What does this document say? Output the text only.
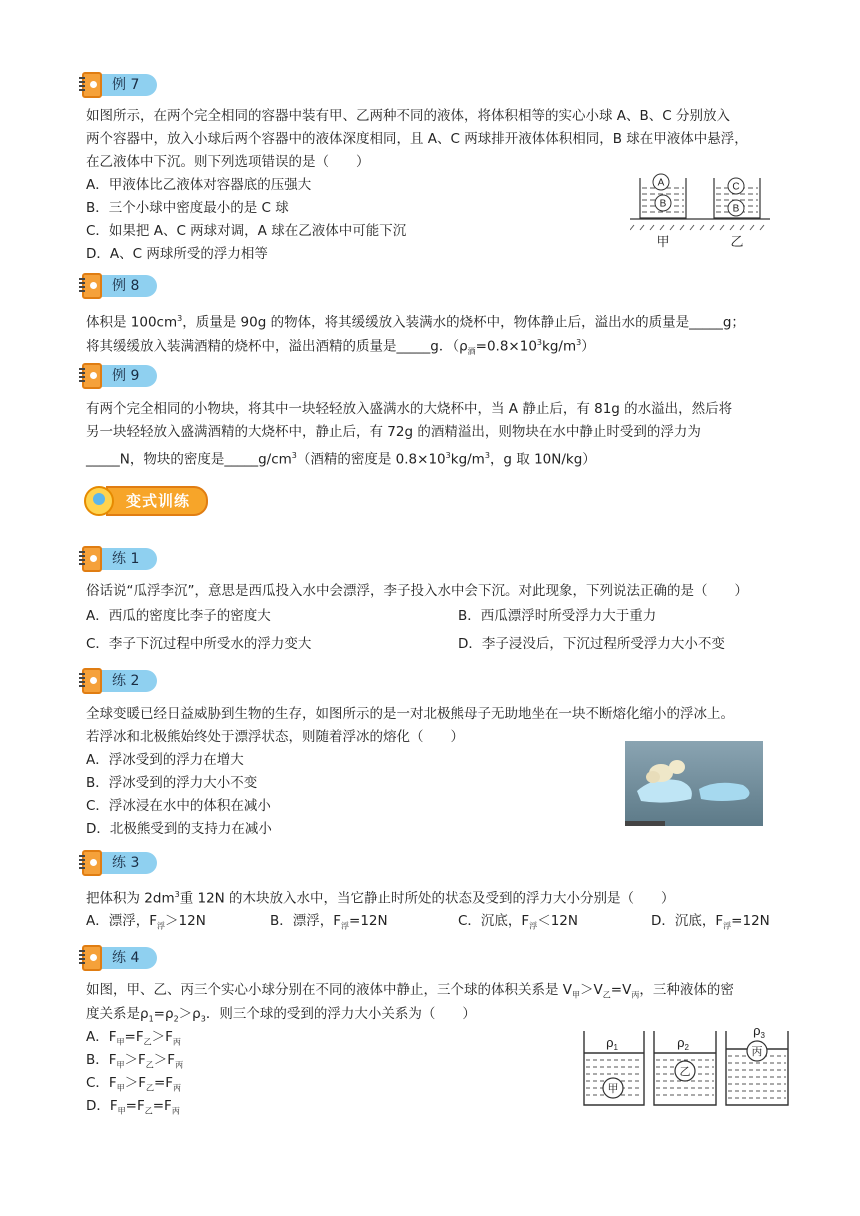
例 7
如图所示，在两个完全相同的容器中装有甲、乙两种不同的液体，将体积相等的实心小球 A、B、C 分别放入
两个容器中，放入小球后两个容器中的液体深度相同，且 A、C 两球排开液体体积相同，B 球在甲液体中悬浮，
在乙液体中下沉。则下列选项错误的是（　　）
A．甲液体比乙液体对容器底的压强大
B．三个小球中密度最小的是 C 球
C．如果把 A、C 两球对调，A 球在乙液体中可能下沉
D．A、C 两球所受的浮力相等
A
B
C
B
甲	乙
例 8
体积是 $100cm^3$，质量是 90g 的物体，将其缓缓放入装满水的烧杯中，物体静止后，溢出水的质量是_____g；
将其缓缓放入装满酒精的烧杯中，溢出酒精的质量是_____g．$(\rho_酒=0.8\times 10^3kg/m^3)$
例 9
有两个完全相同的小物块，将其中一块轻轻放入盛满水的大烧杯中，当 A 静止后，有 81g 的水溢出，然后将
另一块轻轻放入盛满酒精的大烧杯中，静止后，有 72g 的酒精溢出，则物块在水中静止时受到的浮力为
_____N，物块的密度是$\_\_\_\_\_g/cm^3$（酒精的密度是 $0.8\times 10^3kg/m^3$，g 取 10N/kg）
变式训练
练 1
俗话说“瓜浮李沉”，意思是西瓜投入水中会漂浮，李子投入水中会下沉。对此现象，下列说法正确的是（　　）
A．西瓜的密度比李子的密度大	B．西瓜漂浮时所受浮力大于重力
C．李子下沉过程中所受水的浮力变大	D．李子浸没后，下沉过程所受浮力大小不变
练 2
全球变暖已经日益威胁到生物的生存，如图所示的是一对北极熊母子无助地坐在一块不断熔化缩小的浮冰上。
若浮冰和北极熊始终处于漂浮状态，则随着浮冰的熔化（　　）
A．浮冰受到的浮力在增大
B．浮冰受到的浮力大小不变
C．浮冰浸在水中的体积在减小
D．北极熊受到的支持力在减小
练 3
把体积为 $2dm^3$重 12N 的木块放入水中，当它静止时所处的状态及受到的浮力大小分别是（　　）
A．漂浮，$F_浮>12N$	B．漂浮，$F_浮=12N$	C．沉底，$F_浮<12N$	D．沉底，$F_浮=12N$
练 4
如图，甲、乙、丙三个实心小球分别在不同的液体中静止，三个球的体积关系是 $V_甲>V_乙=V_丙$，三种液体的密
度关系是$\rho_1=\rho_2>\rho_3$．则三个球的受到的浮力大小关系为（　　）
A．$F_甲=F_乙>F_丙$
B．$F_甲>F_乙>F_丙$
C．$F_甲>F_乙=F_丙$
D．$F_甲=F_乙=F_丙$
甲
乙
丙
$\rho_1$	$\rho_2$
$\rho_3$
